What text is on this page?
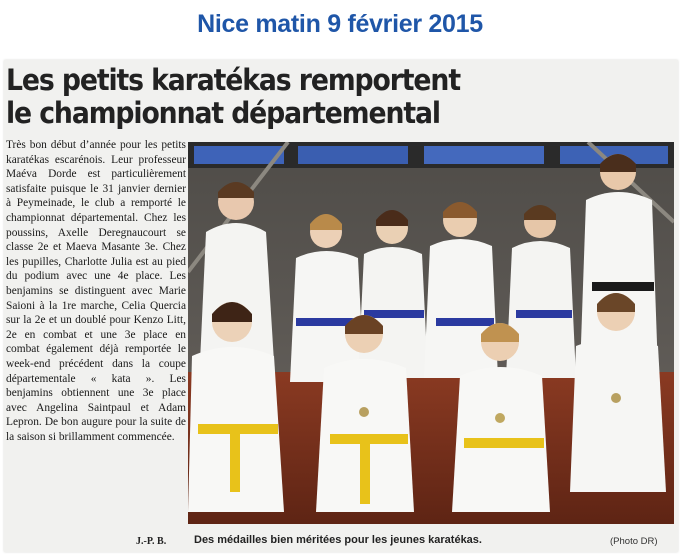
Nice matin 9 février 2015
Les petits karatékas remportent
le championnat départemental

Très bon début d’année pour les petits karatékas escarénois. Leur professeur Maéva Dorde est particulièrement satisfaite puisque le 31 janvier dernier à Peymeinade, le club a remporté le championnat départemental. Chez les poussins, Axelle Deregnaucourt se classe 2e et Maeva Masante 3e. Chez les pupilles, Charlotte Julia est au pied du podium avec une 4e place. Les benjamins se distinguent avec Marie Saioni à la 1re marche, Celia Quercia sur la 2e et un doublé pour Kenzo Litt, 2e en combat et une 3e place en combat également déjà remportée le week-end précédent dans la coupe départementale « kata ». Les benjamins obtiennent une 3e place avec Angelina Saintpaul et Adam Lepron. De bon augure pour la suite de la saison si brillamment commencée.

J.-P. B.	Des médailles bien méritées pour les jeunes karatékas.	(Photo DR)
